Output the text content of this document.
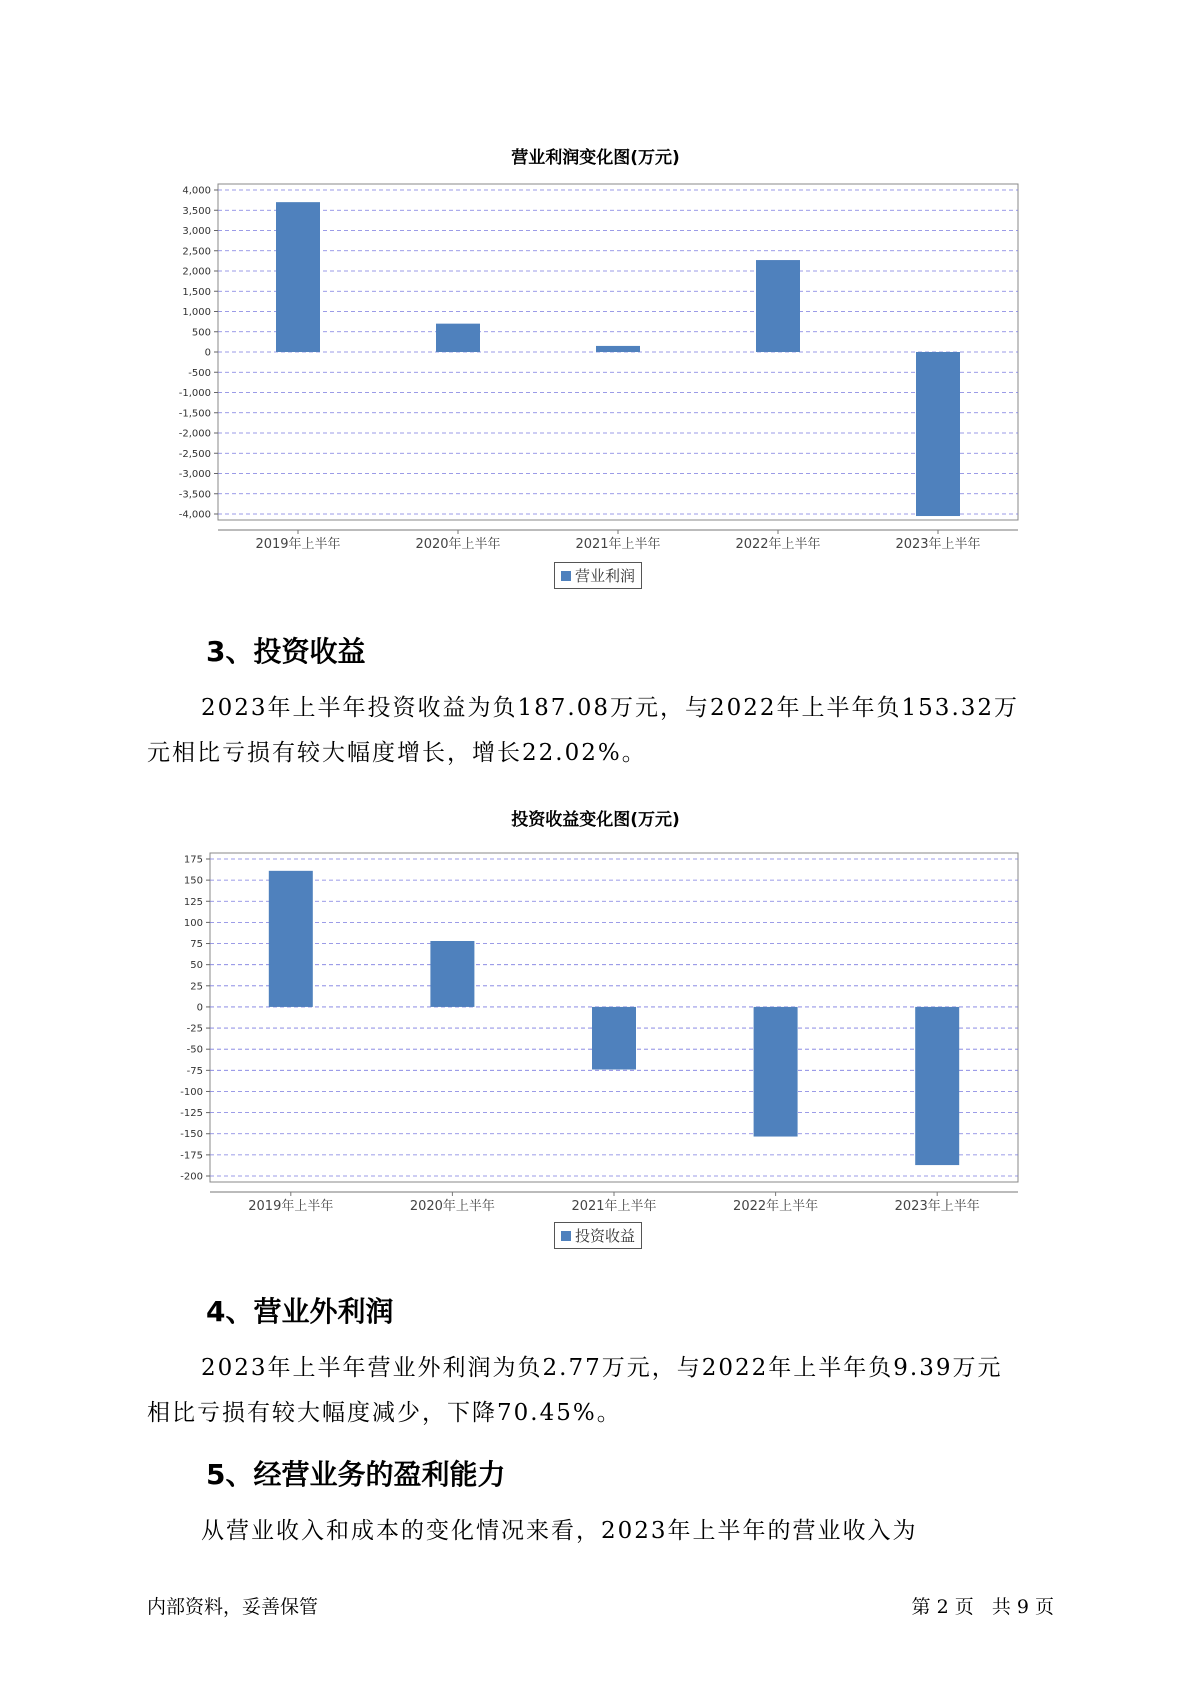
营业利润变化图(万元)
4,000
3,500
3,000
2,500
2,000
1,500
1,000
500
0
-500
-1,000
-1,500
-2,000
-2,500
-3,000
-3,500
-4,000
2019年上半年	2020年上半年	2021年上半年	2022年上半年	2023年上半年
营业利润
3、投资收益
2023年上半年投资收益为负187.08万元，与2022年上半年负153.32万
元相比亏损有较大幅度增长，增长22.02%。
投资收益变化图(万元)
175
150
125
100
75
50
25
0
-25
-50
-75
-100
-125
-150
-175
-200
2019年上半年	2020年上半年	2021年上半年	2022年上半年	2023年上半年
投资收益
4、营业外利润
2023年上半年营业外利润为负2.77万元，与2022年上半年负9.39万元
相比亏损有较大幅度减少，下降70.45%。
5、经营业务的盈利能力
从营业收入和成本的变化情况来看，2023年上半年的营业收入为
内部资料，妥善保管	第 2 页   共 9 页
